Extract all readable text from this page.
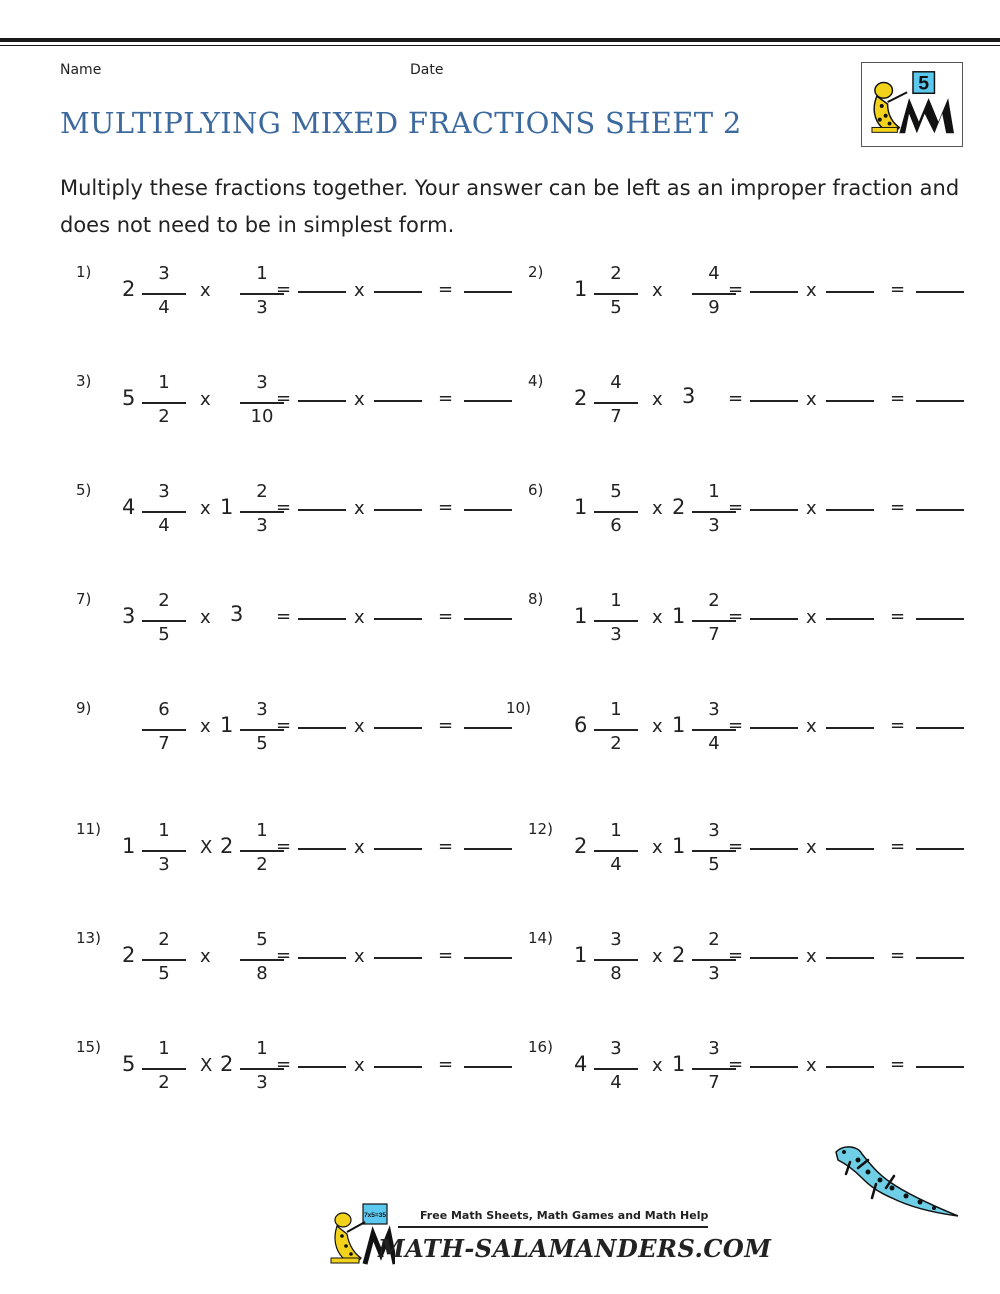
Name	Date
5
MULTIPLYING MIXED FRACTIONS SHEET 2
Multiply these fractions together. Your answer can be left as an improper fraction and does not need to be in simplest form.
1)
2
3
4
x
1
3
=	x	=
2)
1
2
5
x
4
9
=	x	=
3)
5
1
2
x
3
10
=	x	=
4)
2
4
7
x 3 =	x	=
5)
4
3
4
x 1
2
3
=	x	=
6)
1
5
6
x 2
1
3
=	x	=
7)
3
2
5
x 3 =	x	=
8)
1
1
3
x 1
2
7
=	x	=
9)	6
7
x 1
3
5
=	x	=
10)
6
1
2
x 1
3
4
=	x	=
11)
1
1
3
X 2
1
2
=	x	=
12)
2
1
4
x 1
3
5
=	x	=
13)
2
2
5
x
5
8
=	x	=
14)
1
3
8
x 2
2
3
=	x	=
15)
5
1
2
X 2
1
3
=	x	=
16)
4
3
4
x 1
3
7
=	x	=
7x5=35	Free Math Sheets, Math Games and Math Help
MATH-SALAMANDERS.COM
